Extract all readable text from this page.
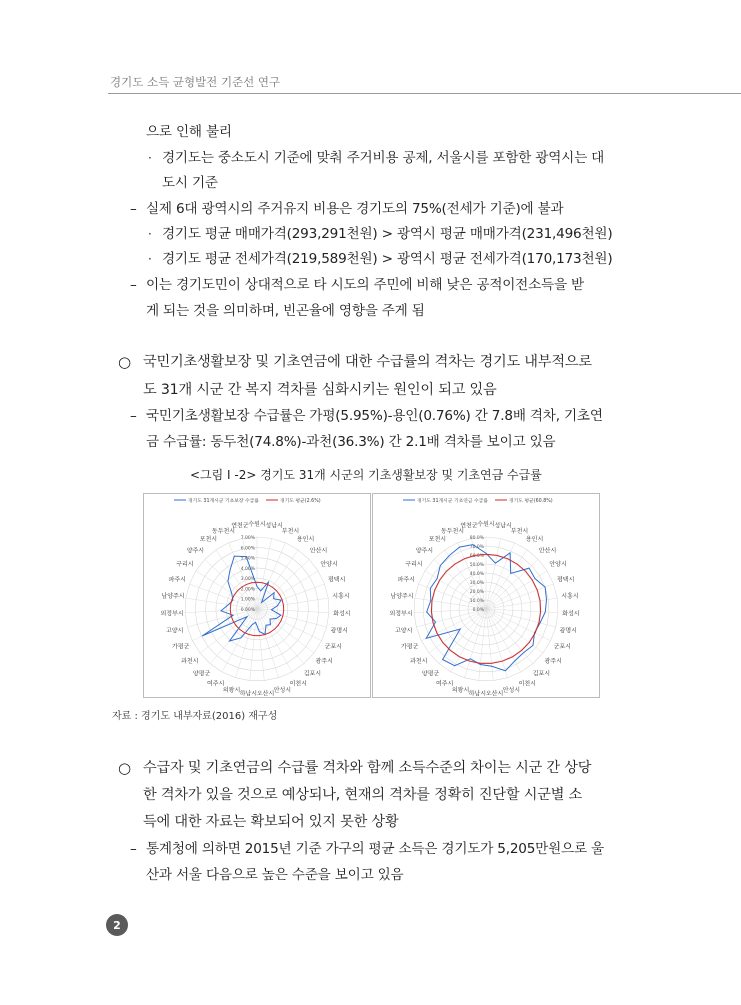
경기도 소득 균형발전 기준선 연구
으로 인해 불리
· 경기도는 중소도시 기준에 맞춰 주거비용 공제, 서울시를 포함한 광역시는 대
도시 기준
– 실제 6대 광역시의 주거유지 비용은 경기도의 75%(전세가 기준)에 불과
· 경기도 평균 매매가격(293,291천원) > 광역시 평균 매매가격(231,496천원)
· 경기도 평균 전세가격(219,589천원) > 광역시 평균 전세가격(170,173천원)
– 이는 경기도민이 상대적으로 타 시도의 주민에 비해 낮은 공적이전소득을 받
게 되는 것을 의미하며, 빈곤율에 영향을 주게 됨
○ 국민기초생활보장 및 기초연금에 대한 수급률의 격차는 경기도 내부적으로
도 31개 시군 간 복지 격차를 심화시키는 원인이 되고 있음
– 국민기초생활보장 수급률은 가평(5.95%)-용인(0.76%) 간 7.8배 격차, 기초연
금 수급률: 동두천(74.8%)-과천(36.3%) 간 2.1배 격차를 보이고 있음
<그림 Ⅰ -2> 경기도 31개 시군의 기초생활보장 및 기초연금 수급률
0.00%
1.00%
2.00%
3.00%
4.00%
5.00%
6.00%
7.00%
수원시 성남시
부천시
용인시
안산시
안양시
평택시
시흥시
화성시
광명시
군포시
광주시
김포시
이천시
안성시
오산시
하남시
의왕시
여주시
양평군
과천시
가평군
고양시
의정부시
남양주시
파주시
구리시
양주시
포천시
동두천시
연천군
경기도 31개시군 기초보장 수급률	경기도 평균(2.6%)
0.0%
10.0%
20.0%
30.0%
40.0%
50.0%
60.0%
70.0%
80.0%
수원시 성남시
부천시
용인시
안산시
안양시
평택시
시흥시
화성시
광명시
군포시
광주시
김포시
이천시
안성시
오산시
하남시
의왕시
여주시
양평군
과천시
가평군
고양시
의정부시
남양주시
파주시
구리시
양주시
포천시
동두천시
연천군
경기도 31개시군 기초연금 수급률	경기도 평균(60.8%)
자료 : 경기도 내부자료(2016) 재구성
○ 수급자 및 기초연금의 수급률 격차와 함께 소득수준의 차이는 시군 간 상당
한 격차가 있을 것으로 예상되나, 현재의 격차를 정확히 진단할 시군별 소
득에 대한 자료는 확보되어 있지 못한 상황
– 통계청에 의하면 2015년 기준 가구의 평균 소득은 경기도가 5,205만원으로 울
산과 서울 다음으로 높은 수준을 보이고 있음
2
